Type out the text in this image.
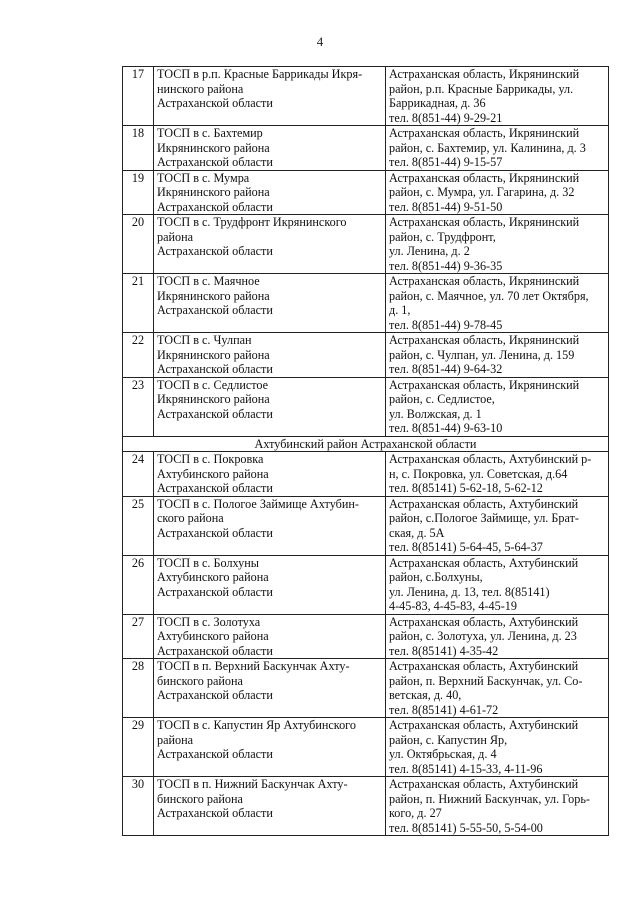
4
17	ТОСП в р.п. Красные Баррикады Икря-
нинского района
Астраханской области	Астраханская область, Икрянинский
район, р.п. Красные Баррикады, ул.
Баррикадная, д. 36
тел. 8(851-44) 9-29-21

18	ТОСП в с. Бахтемир
Икрянинского района
Астраханской области	Астраханская область, Икрянинский
район, с. Бахтемир, ул. Калинина, д. 3
тел. 8(851-44) 9-15-57

19	ТОСП в с. Мумра
Икрянинского района
Астраханской области	Астраханская область, Икрянинский
район, с. Мумра, ул. Гагарина, д. 32
тел. 8(851-44) 9-51-50

20	ТОСП в с. Трудфронт Икрянинского
района
Астраханской области	Астраханская область, Икрянинский
район, с. Трудфронт,
ул. Ленина, д. 2
тел. 8(851-44) 9-36-35

21	ТОСП в с. Маячное
Икрянинского района
Астраханской области	Астраханская область, Икрянинский
район, с. Маячное, ул. 70 лет Октября,
д. 1,
тел. 8(851-44) 9-78-45

22	ТОСП в с. Чулпан
Икрянинского района
Астраханской области	Астраханская область, Икрянинский
район, с. Чулпан, ул. Ленина, д. 159
тел. 8(851-44) 9-64-32

23	ТОСП в с. Седлистое
Икрянинского района
Астраханской области	Астраханская область, Икрянинский
район, с. Седлистое,
ул. Волжская, д. 1
тел. 8(851-44) 9-63-10

Ахтубинский район Астраханской области		
24	ТОСП в с. Покровка
Ахтубинского района
Астраханской области	Астраханская область, Ахтубинский р-
н, с. Покровка, ул. Советская, д.64
тел. 8(85141) 5-62-18, 5-62-12

25	ТОСП в с. Пологое Займище Ахтубин-
ского района
Астраханской области	Астраханская область, Ахтубинский
район, с.Пологое Займище, ул. Брат-
ская, д. 5А
тел. 8(85141) 5-64-45, 5-64-37

26	ТОСП в с. Болхуны
Ахтубинского района
Астраханской области	Астраханская область, Ахтубинский
район, с.Болхуны,
ул. Ленина, д. 13, тел. 8(85141)
4-45-83, 4-45-83, 4-45-19

27	ТОСП в с. Золотуха
Ахтубинского района
Астраханской области	Астраханская область, Ахтубинский
район, с. Золотуха, ул. Ленина, д. 23
тел. 8(85141) 4-35-42

28	ТОСП в п. Верхний Баскунчак Ахту-
бинского района
Астраханской области	Астраханская область, Ахтубинский
район, п. Верхний Баскунчак, ул. Со-
ветская, д. 40,
тел. 8(85141) 4-61-72

29	ТОСП в с. Капустин Яр Ахтубинского
района
Астраханской области	Астраханская область, Ахтубинский
район, с. Капустин Яр,
ул. Октябрьская, д. 4
тел. 8(85141) 4-15-33, 4-11-96

30	ТОСП в п. Нижний Баскунчак Ахту-
бинского района
Астраханской области	Астраханская область, Ахтубинский
район, п. Нижний Баскунчак, ул. Горь-
кого, д. 27
тел. 8(85141) 5-55-50, 5-54-00
